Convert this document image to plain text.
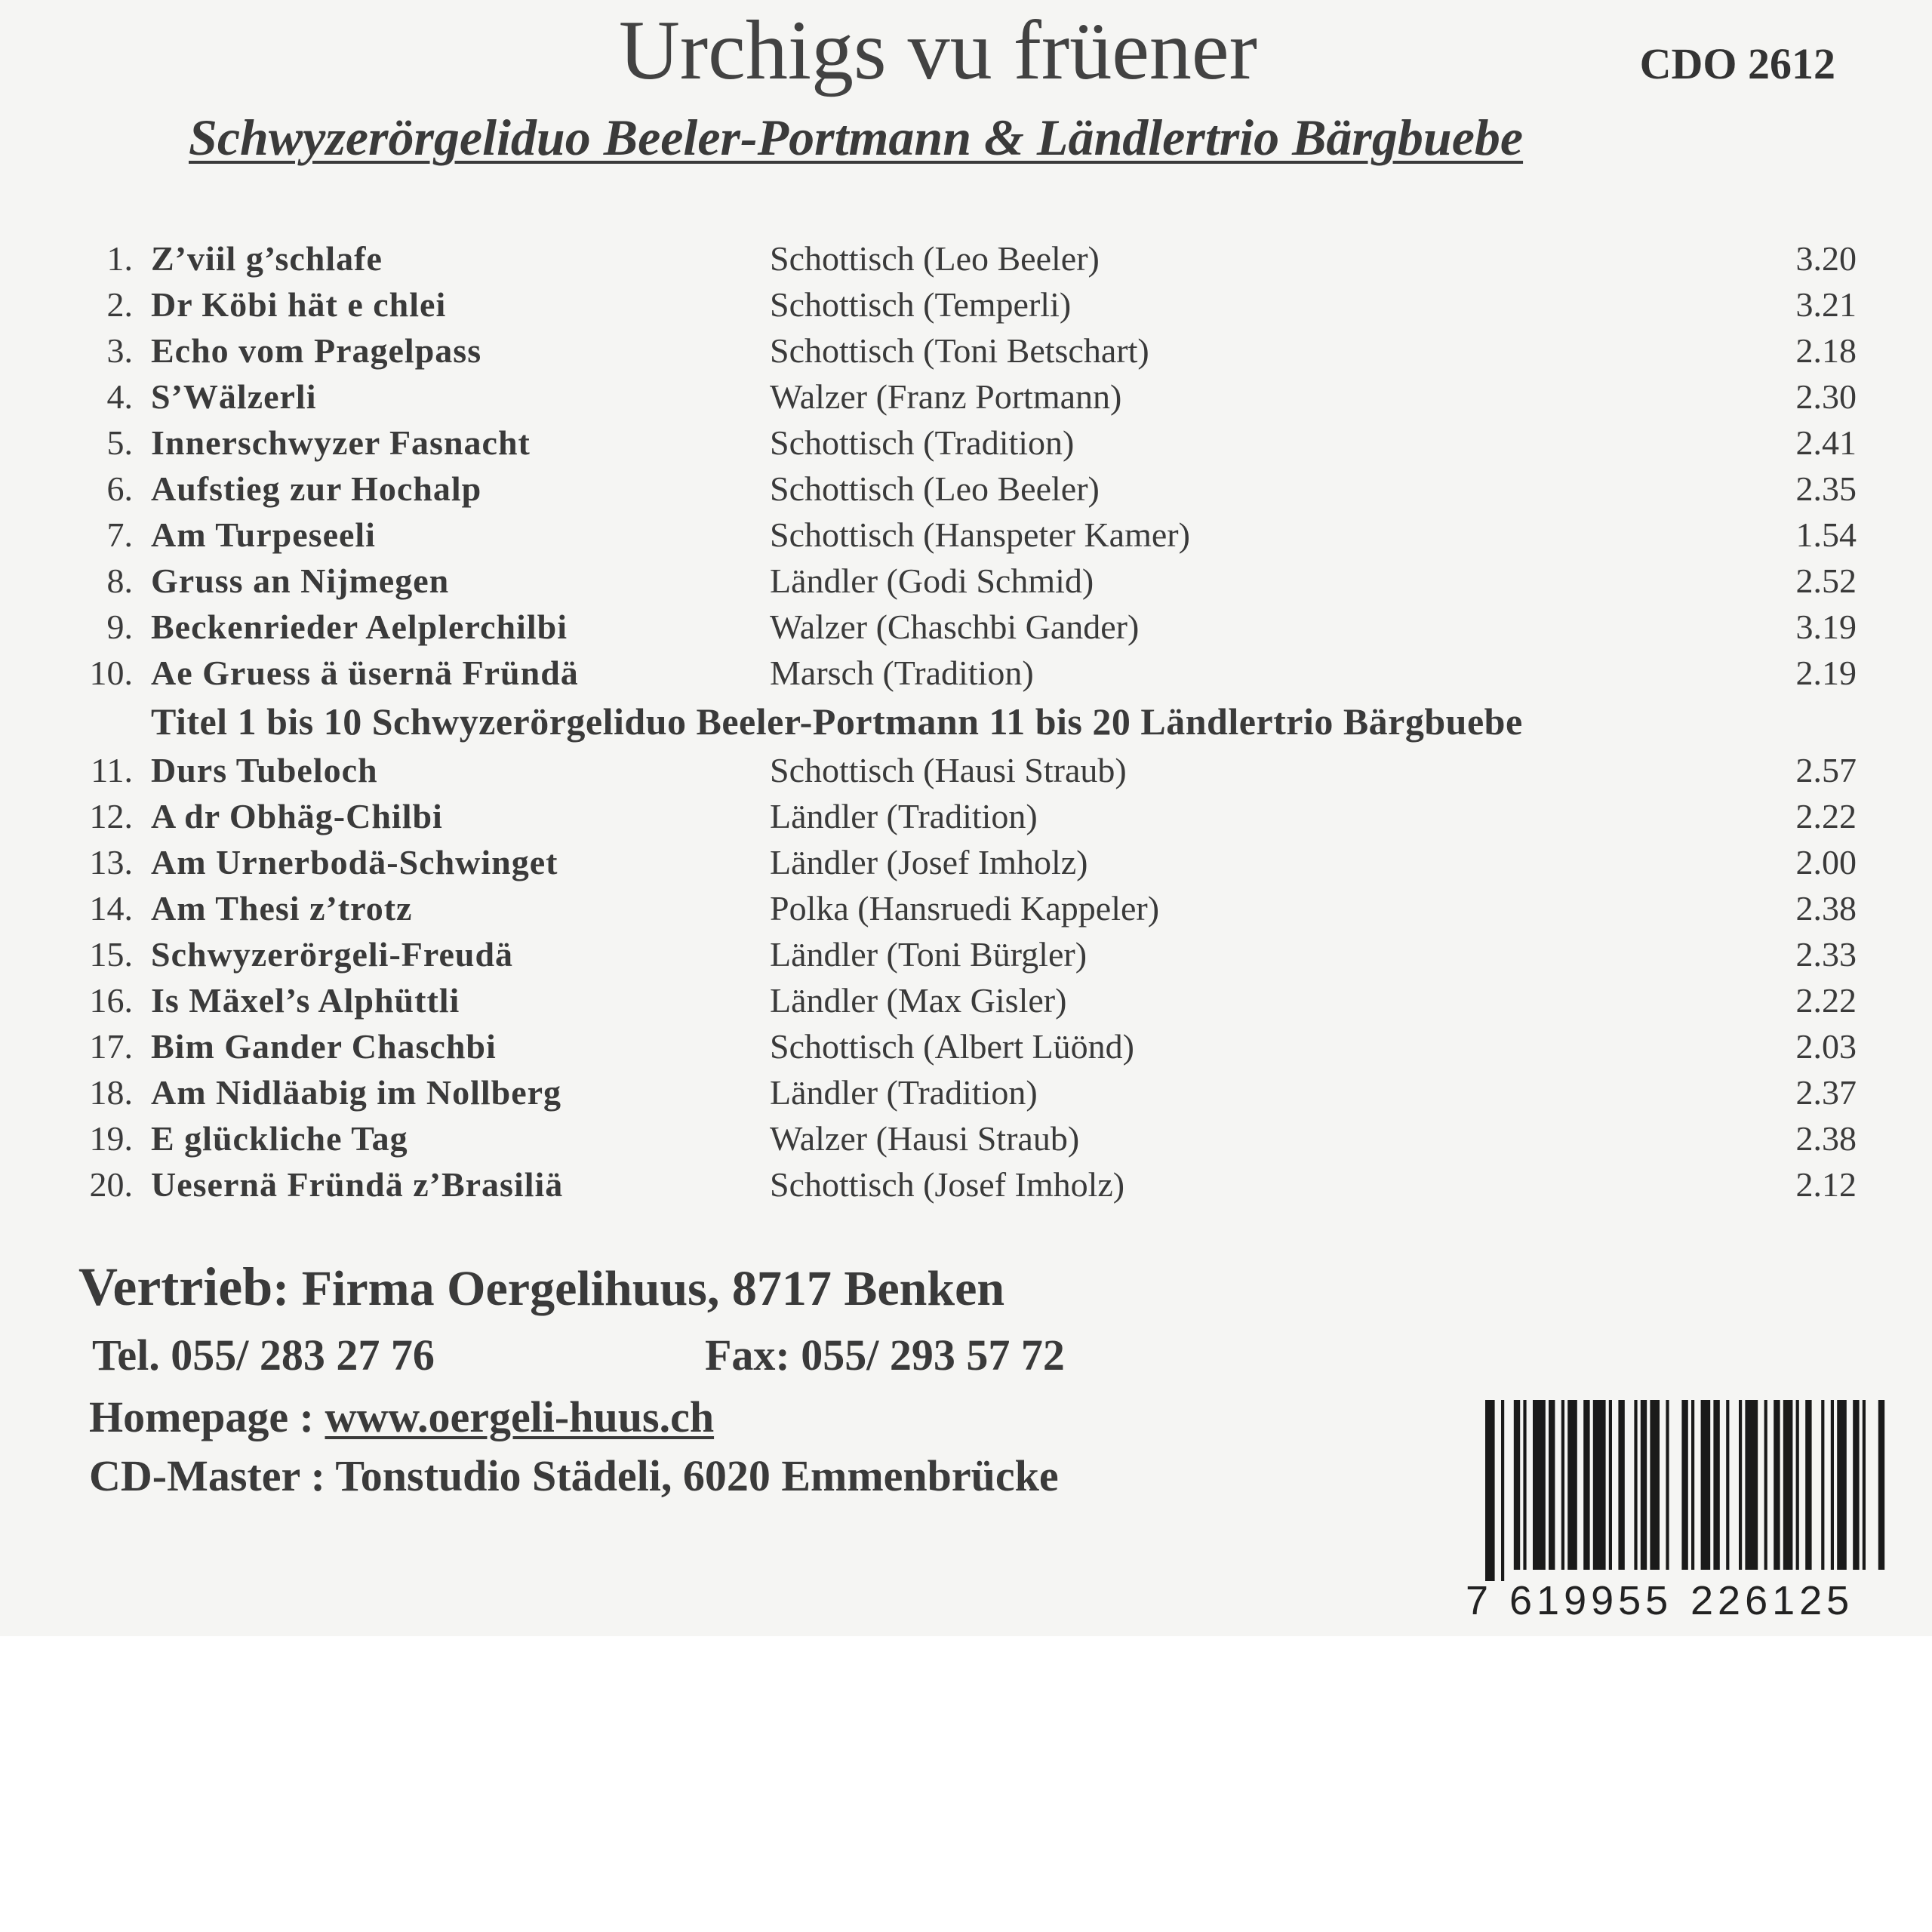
Urchigs vu früener	CDO 2612
Schwyzerörgeliduo Beeler-Portmann & Ländlertrio Bärgbuebe
1. Z’viil g’schlafe	Schottisch (Leo Beeler)	3.20
2. Dr Köbi hät e chlei	Schottisch (Temperli)	3.21
3. Echo vom Pragelpass	Schottisch (Toni Betschart)	2.18
4. S’Wälzerli	Walzer (Franz Portmann)	2.30
5. Innerschwyzer Fasnacht	Schottisch (Tradition)	2.41
6. Aufstieg zur Hochalp	Schottisch (Leo Beeler)	2.35
7. Am Turpeseeli	Schottisch (Hanspeter Kamer)	1.54
8. Gruss an Nijmegen	Ländler (Godi Schmid)	2.52
9. Beckenrieder Aelplerchilbi	Walzer (Chaschbi Gander)	3.19
10. Ae Gruess ä üsernä Fründä	Marsch (Tradition)	2.19
Titel 1 bis 10 Schwyzerörgeliduo Beeler-Portmann 11 bis 20 Ländlertrio Bärgbuebe
11. Durs Tubeloch	Schottisch (Hausi Straub)	2.57
12. A dr Obhäg-Chilbi	Ländler (Tradition)	2.22
13. Am Urnerbodä-Schwinget	Ländler (Josef Imholz)	2.00
14. Am Thesi z’trotz	Polka (Hansruedi Kappeler)	2.38
15. Schwyzerörgeli-Freudä	Ländler (Toni Bürgler)	2.33
16. Is Mäxel’s Alphüttli	Ländler (Max Gisler)	2.22
17. Bim Gander Chaschbi	Schottisch (Albert Lüönd)	2.03
18. Am Nidläabig im Nollberg	Ländler (Tradition)	2.37
19. E glückliche Tag	Walzer (Hausi Straub)	2.38
20. Uesernä Fründä z’Brasiliä	Schottisch (Josef Imholz)	2.12
Vertrieb: Firma Oergelihuus, 8717 Benken
Tel. 055/ 283 27 76	Fax: 055/ 293 57 72
Homepage : www.oergeli-huus.ch
CD-Master : Tonstudio Städeli, 6020 Emmenbrücke
7 619955 226125
